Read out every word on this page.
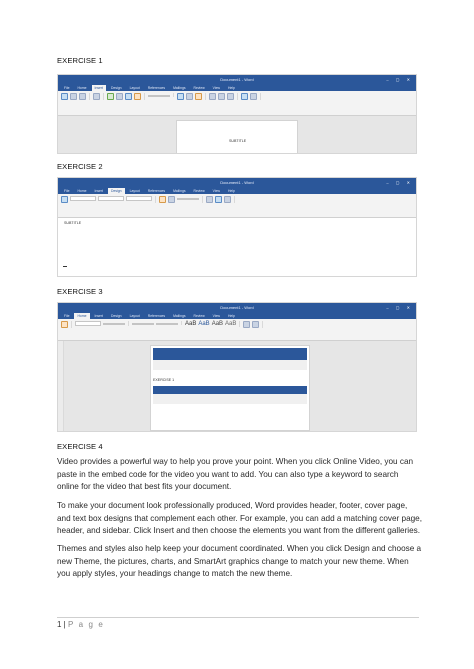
EXERCISE 1
Document1 - Word	– ▢ ✕
File	Home	Insert	Design	Layout	References	Mailings	Review	View	Help
SUBTITLE
EXERCISE 2
Document1 - Word	– ▢ ✕
File	Home	Insert	Design	Layout	References	Mailings	Review	View	Help
SUBTITLE
EXERCISE 3
Document1 - Word	– ▢ ✕
File	Home	Insert	Design	Layout	References	Mailings	Review	View	Help
AaB AaB AaB AaB
EXERCISE 1
EXERCISE 4
Video provides a powerful way to help you prove your point. When you click Online Video, you can
paste in the embed code for the video you want to add. You can also type a keyword to search
online for the video that best fits your document.
To make your document look professionally produced, Word provides header, footer, cover page,
and text box designs that complement each other. For example, you can add a matching cover page,
header, and sidebar. Click Insert and then choose the elements you want from the different galleries.
Themes and styles also help keep your document coordinated. When you click Design and choose a
new Theme, the pictures, charts, and SmartArt graphics change to match your new theme. When
you apply styles, your headings change to match the new theme.
1 | P a g e
